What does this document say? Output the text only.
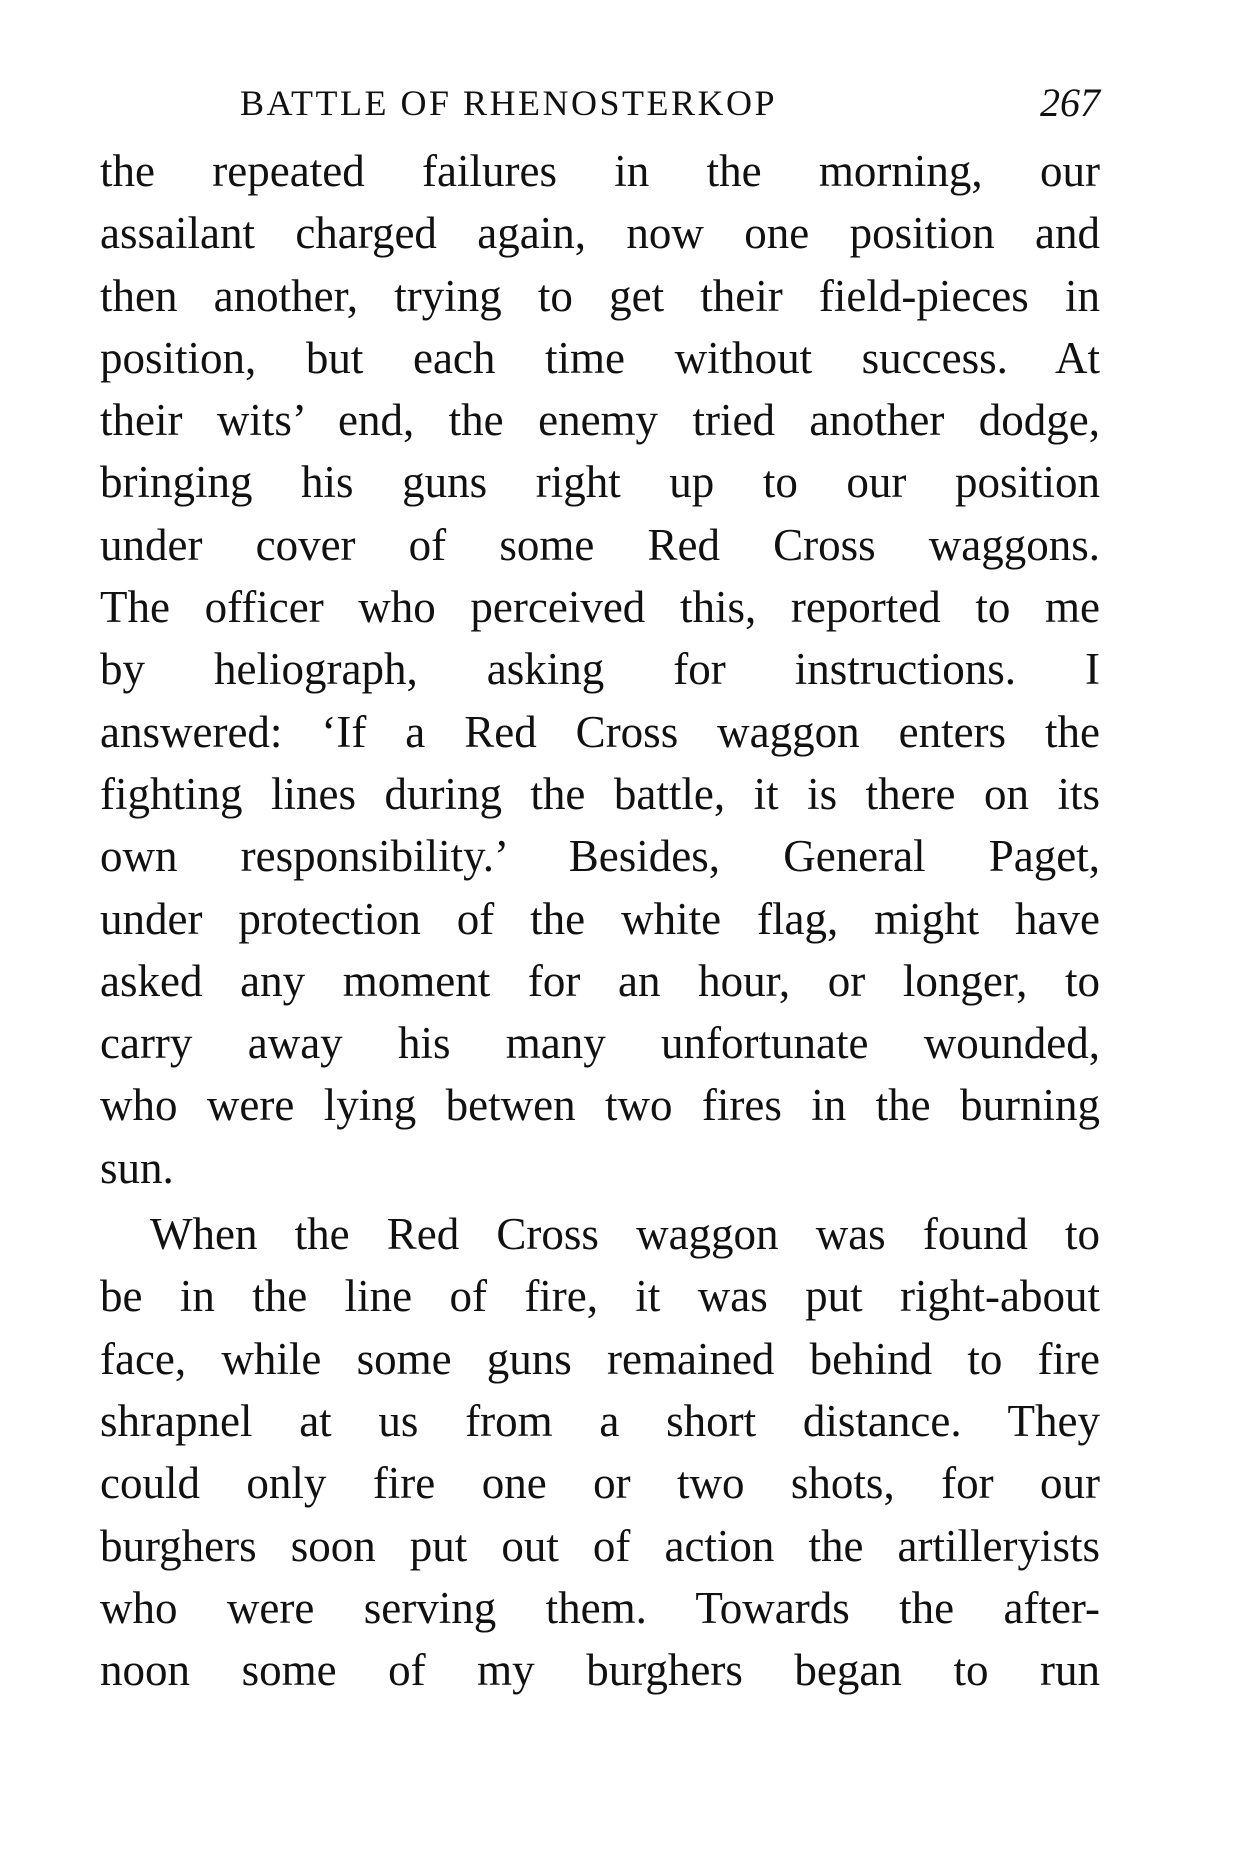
BATTLE OF RHENOSTERKOP	267
the repeated failures in the morning, our
assailant charged again, now one position and
then another, trying to get their field-pieces in
position, but each time without success. At
their wits’ end, the enemy tried another dodge,
bringing his guns right up to our position
under cover of some Red Cross waggons.
The officer who perceived this, reported to me
by heliograph, asking for instructions. I
answered: ‘If a Red Cross waggon enters the
fighting lines during the battle, it is there on its
own responsibility.’ Besides, General Paget,
under protection of the white flag, might have
asked any moment for an hour, or longer, to
carry away his many unfortunate wounded,
who were lying betwen two fires in the burning
sun.
When the Red Cross waggon was found to
be in the line of fire, it was put right-about
face, while some guns remained behind to fire
shrapnel at us from a short distance. They
could only fire one or two shots, for our
burghers soon put out of action the artilleryists
who were serving them. Towards the after-
noon some of my burghers began to run
